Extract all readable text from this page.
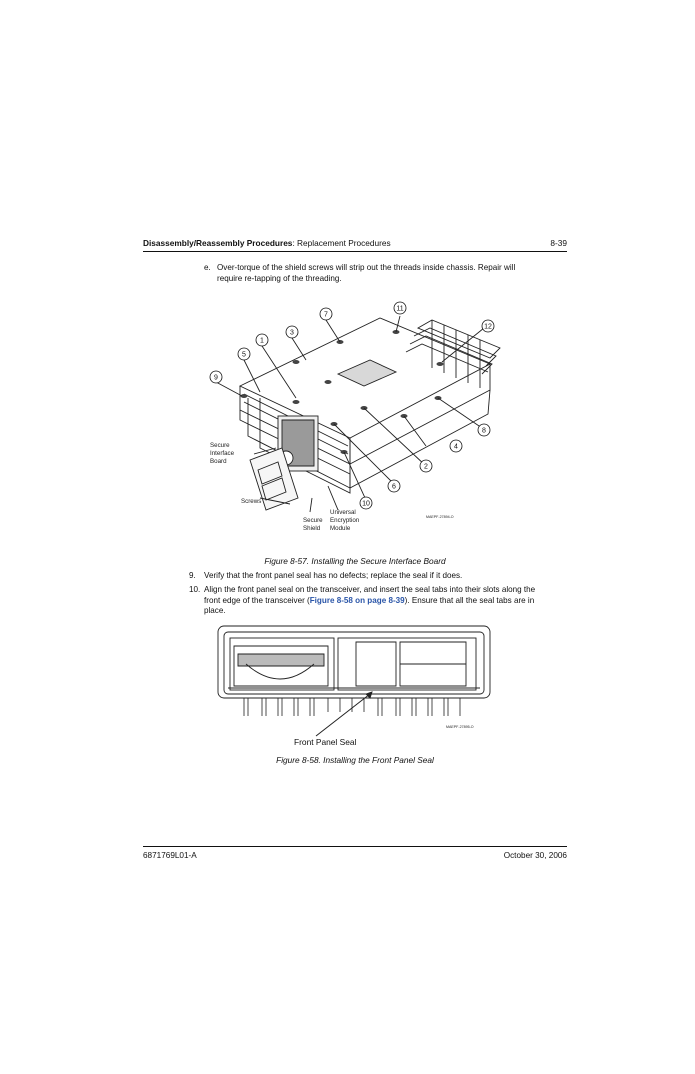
Disassembly/Reassembly Procedures: Replacement Procedures	8-39
e. Over-torque of the shield screws will strip out the threads inside chassis. Repair will
require re-tapping of the threading.
7
11
3
1
5
9
12
8
4
2
6
10
Secure
Interface
Board
Screws
Secure
Shield
Universal
Encryption
Module
MAEPF-27894-O
Figure 8-57. Installing the Secure Interface Board
9. Verify that the front panel seal has no defects; replace the seal if it does.
10. Align the front panel seal on the transceiver, and insert the seal tabs into their slots along the
front edge of the transceiver (Figure 8-58 on page 8-39). Ensure that all the seal tabs are in
place.
Front Panel Seal
MAEPF-27895-O
Figure 8-58. Installing the Front Panel Seal
6871769L01-A	October 30, 2006
